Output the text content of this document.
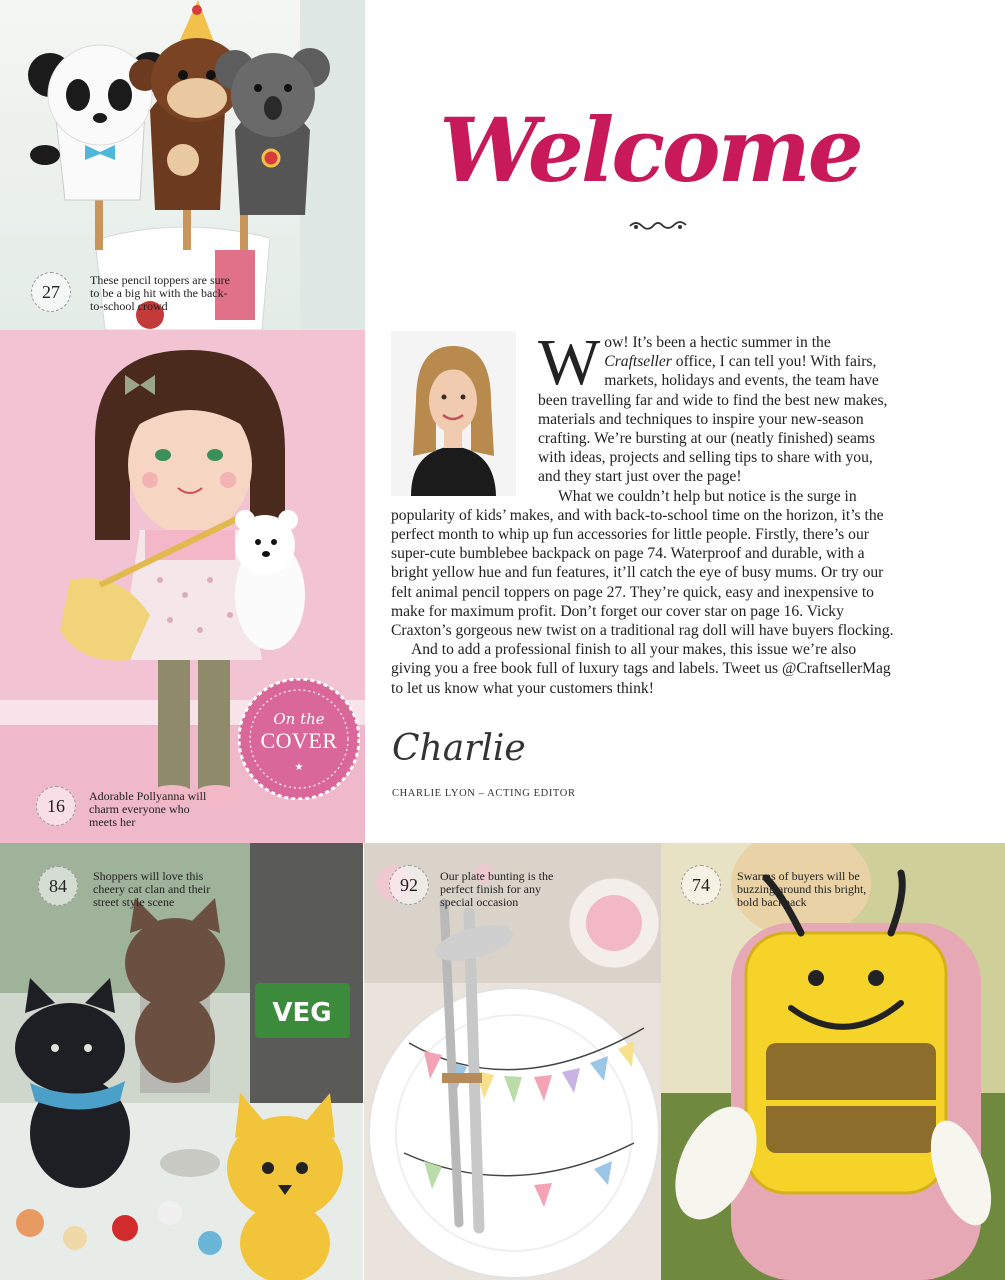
27
These pencil toppers are sure to be a big hit with the back-to-school crowd
★
On the
COVER
16	Adorable Pollyanna will charm everyone who meets her
VEG
84	Shoppers will love this cheery cat clan and their street style scene
92	Our plate bunting is the perfect finish for any special occasion
74	Swarms of buyers will be buzzing around this bright, bold backpack
Welcome

Wow! It’s been a hectic summer in the Craftseller office, I can tell you! With fairs, markets, holidays and events, the team have been travelling far and wide to find the best new makes, materials and techniques to inspire your new-season crafting. We’re bursting at our (neatly finished) seams with ideas, projects and selling tips to share with you, and they start just over the page!

What we couldn’t help but notice is the surge in popularity of kids’ makes, and with back-to-school time on the horizon, it’s the perfect month to whip up fun accessories for little people. Firstly, there’s our super-cute bumblebee backpack on page 74. Waterproof and durable, with a bright yellow hue and fun features, it’ll catch the eye of busy mums. Or try our felt animal pencil toppers on page 27. They’re quick, easy and inexpensive to make for maximum profit. Don’t forget our cover star on page 16. Vicky Craxton’s gorgeous new twist on a traditional rag doll will have buyers flocking.

And to add a professional finish to all your makes, this issue we’re also giving you a free book full of luxury tags and labels. Tweet us @CraftsellerMag to let us know what your customers think!

Charlie
CHARLIE LYON – ACTING EDITOR
